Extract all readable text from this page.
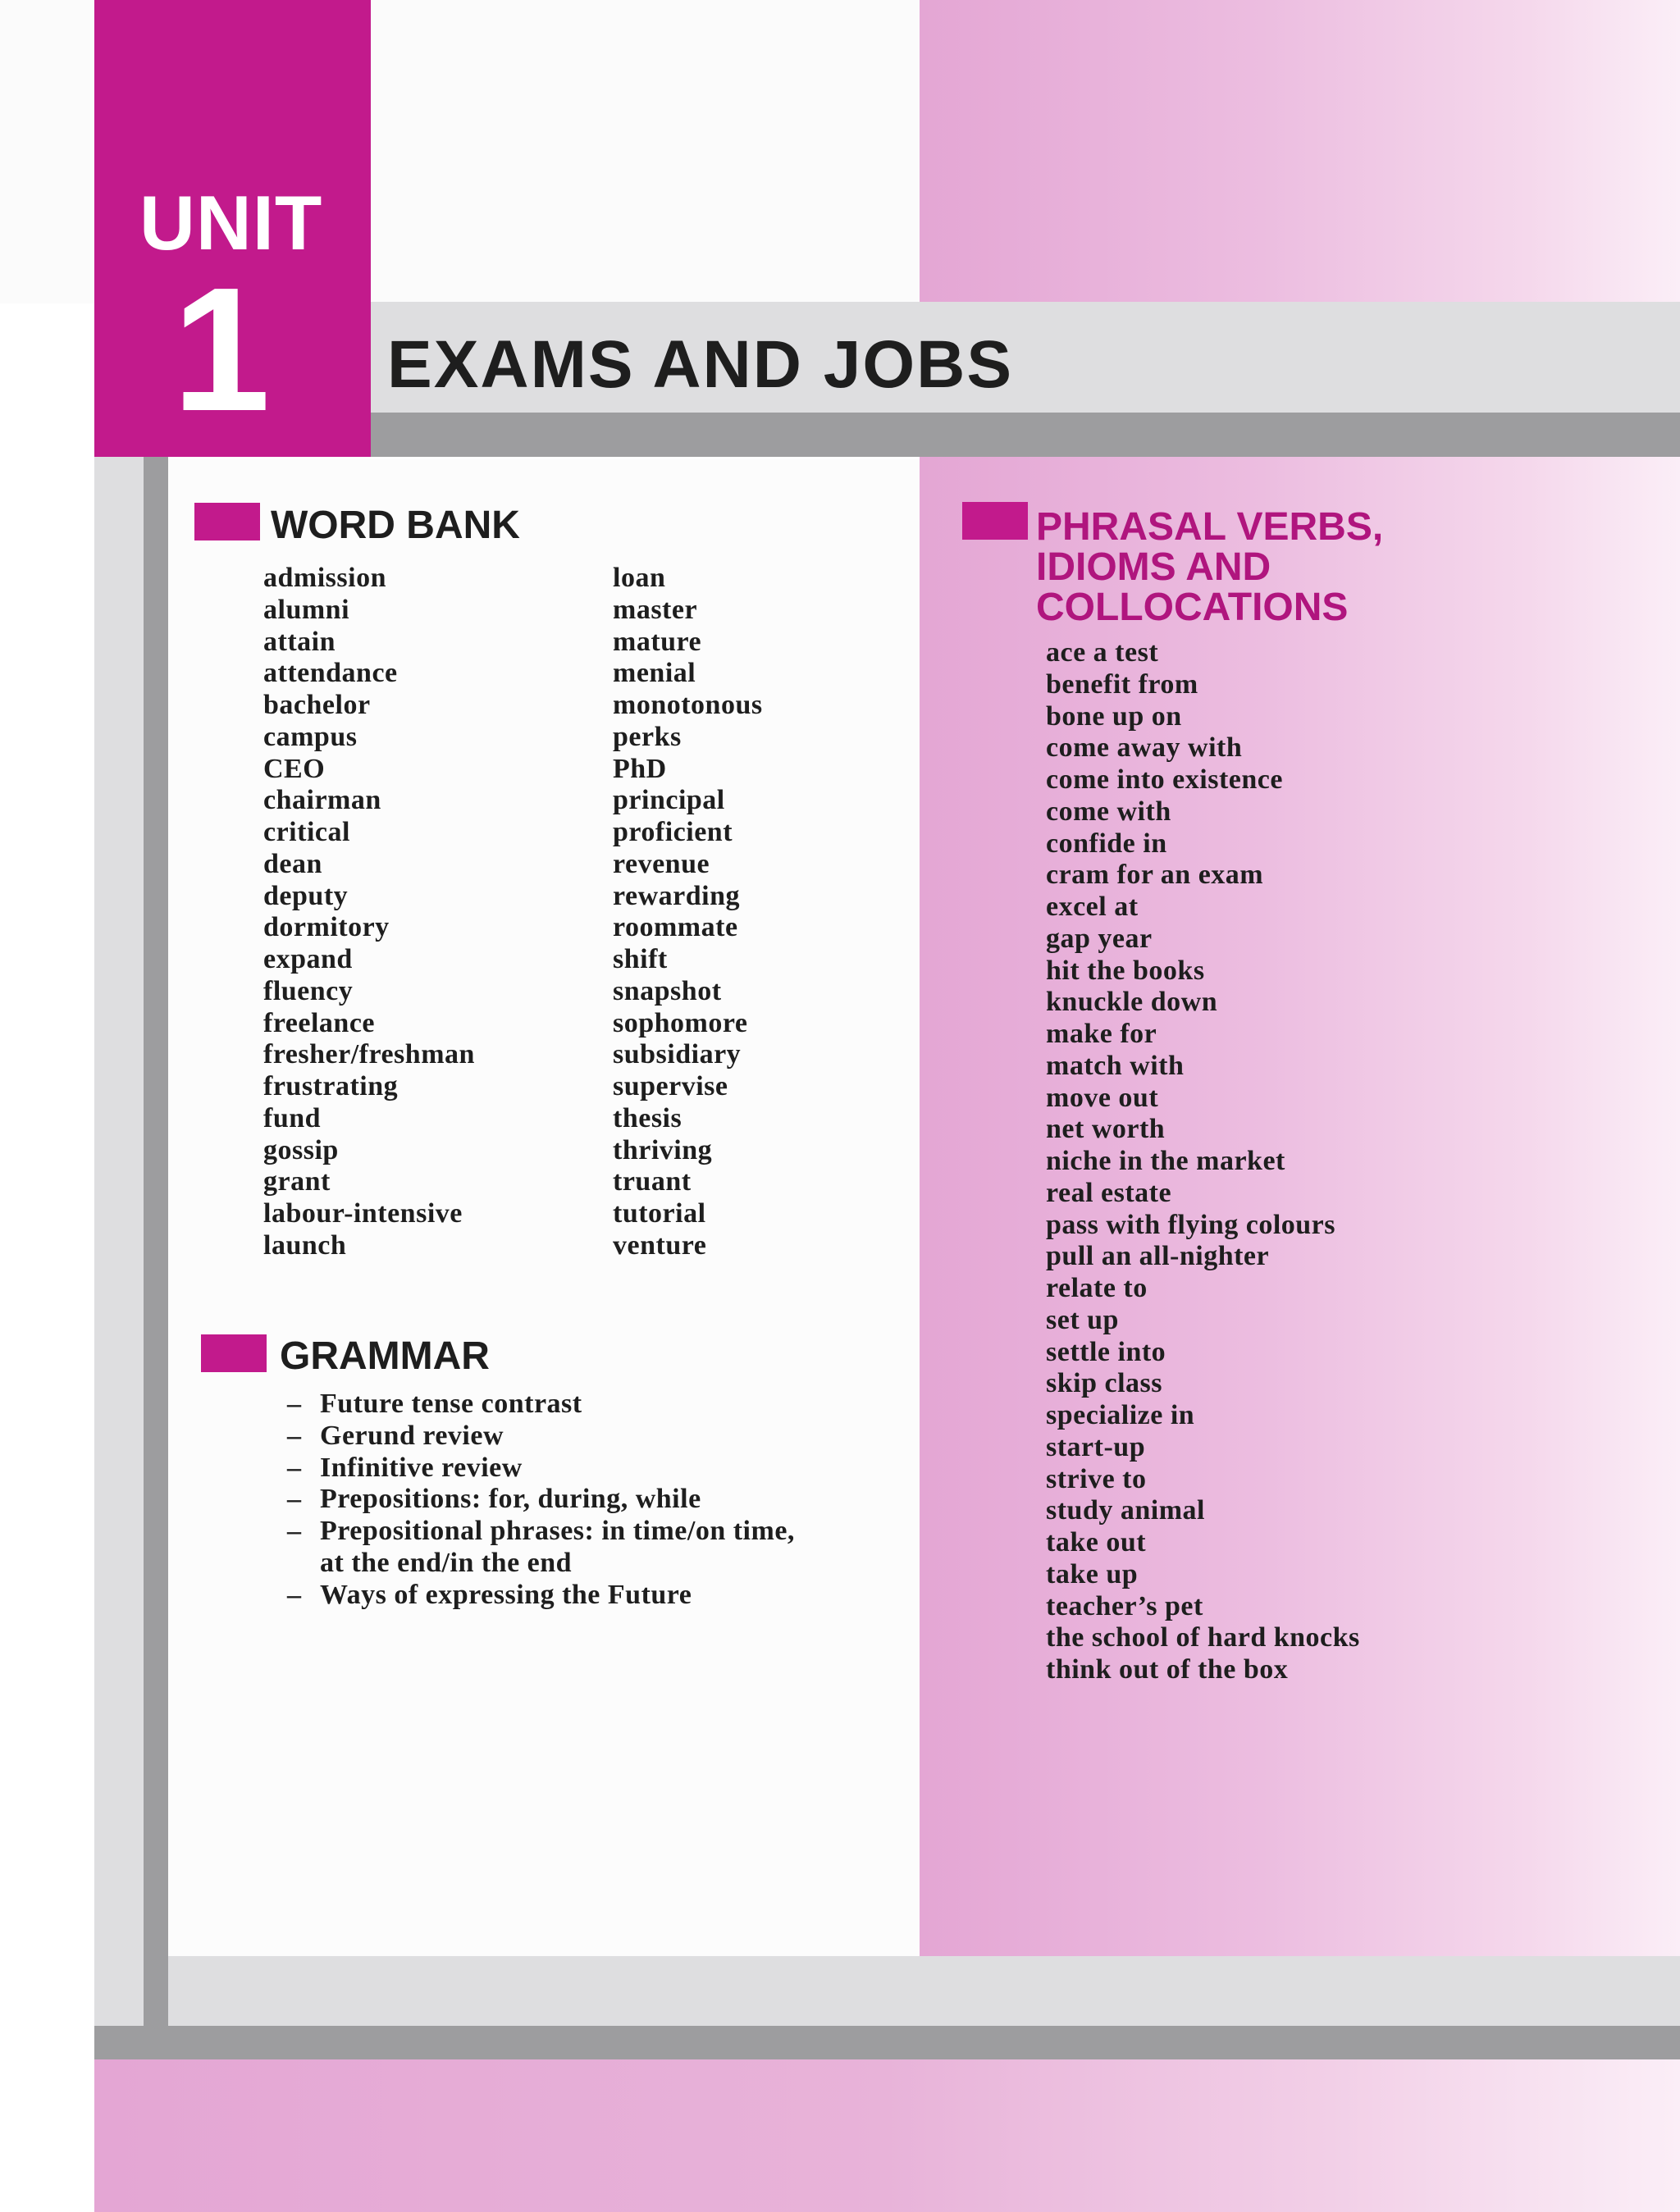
UNIT
1 EXAMS AND JOBS
WORD BANK
admission
alumni
attain
attendance
bachelor
campus
CEO
chairman
critical
dean
deputy
dormitory
expand
fluency
freelance
fresher/freshman
frustrating
fund
gossip
grant
labour-intensive
launch
loan
master
mature
menial
monotonous
perks
PhD
principal
proficient
revenue
rewarding
roommate
shift
snapshot
sophomore
subsidiary
supervise
thesis
thriving
truant
tutorial
venture
GRAMMAR
– Future tense contrast
– Gerund review
– Infinitive review
– Prepositions: for, during, while
– Prepositional phrases: in time/on time,
at the end/in the end
– Ways of expressing the Future
PHRASAL VERBS,
IDIOMS AND
COLLOCATIONS
ace a test
benefit from
bone up on
come away with
come into existence
come with
confide in
cram for an exam
excel at
gap year
hit the books
knuckle down
make for
match with
move out
net worth
niche in the market
real estate
pass with flying colours
pull an all-nighter
relate to
set up
settle into
skip class
specialize in
start-up
strive to
study animal
take out
take up
teacher’s pet
the school of hard knocks
think out of the box
